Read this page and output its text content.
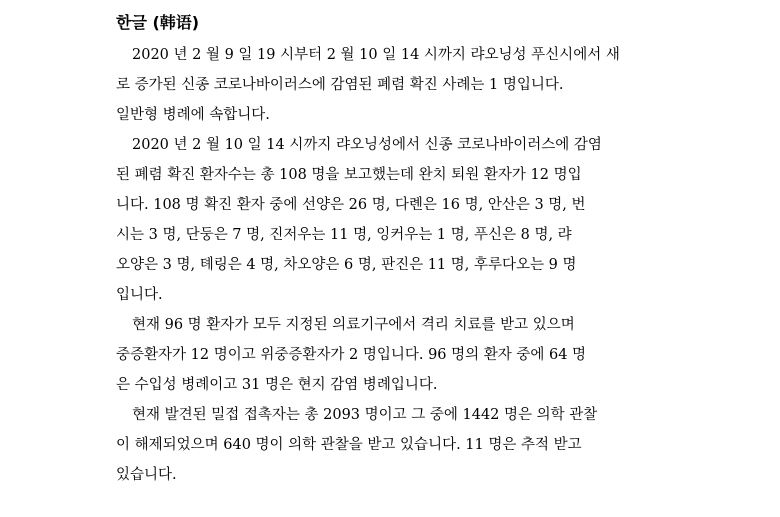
한글 (韩语)
2020 년 2 월 9 일 19 시부터 2 월 10 일 14 시까지 랴오닝성 푸신시에서 새
로 증가된 신종 코로나바이러스에 감염된 폐렴 확진 사례는 1 명입니다.
일반형 병례에 속합니다.
2020 년 2 월 10 일 14 시까지 랴오닝성에서 신종 코로나바이러스에 감염
된 폐렴 확진 환자수는 총 108 명을 보고했는데 완치 퇴원 환자가 12 명입
니다. 108 명 확진 환자 중에 선양은 26 명, 다롄은 16 명, 안산은 3 명, 번
시는 3 명, 단둥은 7 명, 진저우는 11 명, 잉커우는 1 명, 푸신은 8 명, 랴
오양은 3 명, 톄링은 4 명, 차오양은 6 명, 판진은 11 명, 후루다오는 9 명
입니다.
현재 96 명 환자가 모두 지정된 의료기구에서 격리 치료를 받고 있으며
중증환자가 12 명이고 위중증환자가 2 명입니다. 96 명의 환자 중에 64 명
은 수입성 병례이고 31 명은 현지 감염 병례입니다.
현재 발견된 밀접 접촉자는 총 2093 명이고 그 중에 1442 명은 의학 관찰
이 해제되었으며 640 명이 의학 관찰을 받고 있습니다. 11 명은 추적 받고
있습니다.
